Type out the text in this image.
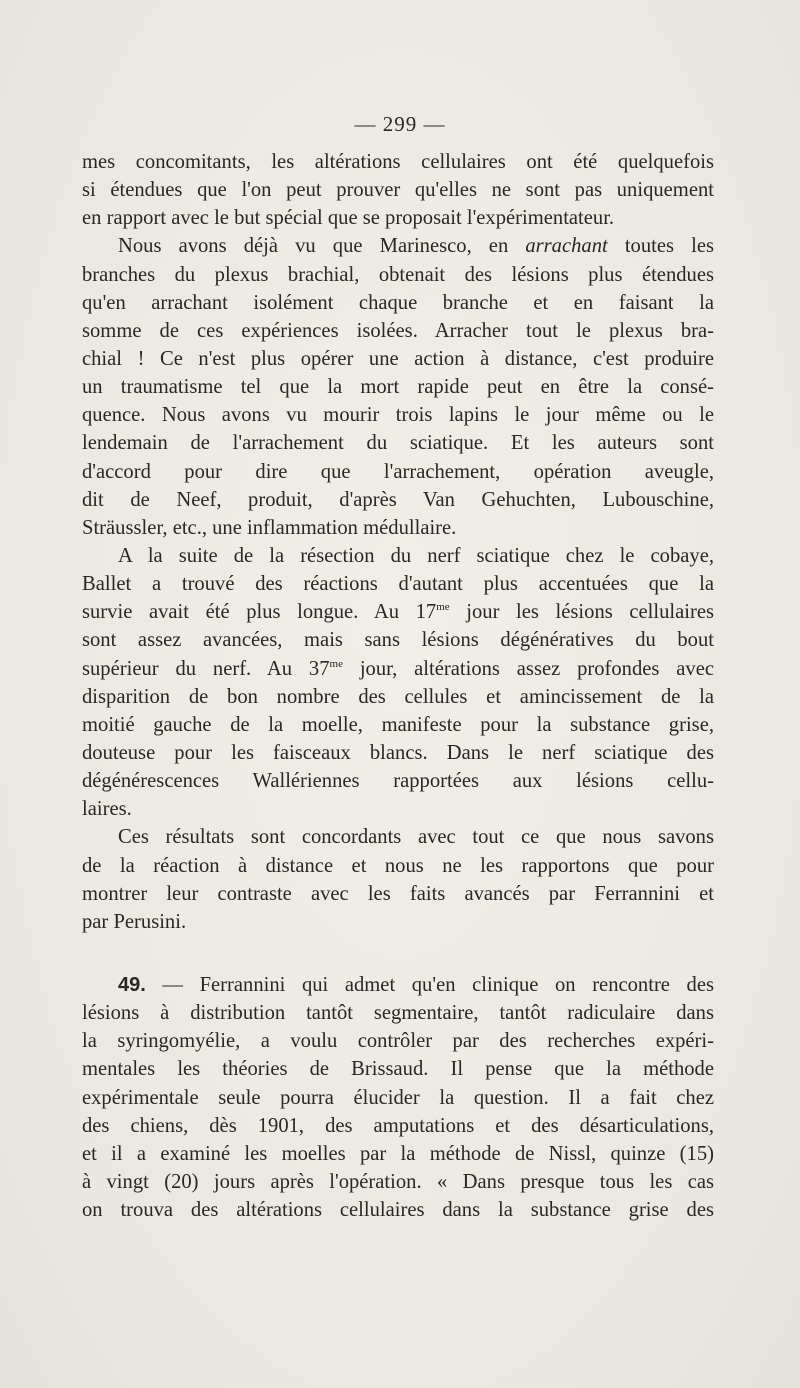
— 299 —
mes concomitants, les altérations cellulaires ont été quelquefois
si étendues que l'on peut prouver qu'elles ne sont pas uniquement
en rapport avec le but spécial que se proposait l'expérimentateur.
Nous avons déjà vu que Marinesco, en arrachant toutes les
branches du plexus brachial, obtenait des lésions plus étendues
qu'en arrachant isolément chaque branche et en faisant la
somme de ces expériences isolées. Arracher tout le plexus bra-
chial ! Ce n'est plus opérer une action à distance, c'est produire
un traumatisme tel que la mort rapide peut en être la consé-
quence. Nous avons vu mourir trois lapins le jour même ou le
lendemain de l'arrachement du sciatique. Et les auteurs sont
d'accord pour dire que l'arrachement, opération aveugle,
dit de Neef, produit, d'après Van Gehuchten, Lubouschine,
Sträussler, etc., une inflammation médullaire.
A la suite de la résection du nerf sciatique chez le cobaye,
Ballet a trouvé des réactions d'autant plus accentuées que la
survie avait été plus longue. Au $17^{me}$ jour les lésions cellulaires
sont assez avancées, mais sans lésions dégénératives du bout
supérieur du nerf. Au $37^{me}$ jour, altérations assez profondes avec
disparition de bon nombre des cellules et amincissement de la
moitié gauche de la moelle, manifeste pour la substance grise,
douteuse pour les faisceaux blancs. Dans le nerf sciatique des
dégénérescences Wallériennes rapportées aux lésions cellu-
laires.
Ces résultats sont concordants avec tout ce que nous savons
de la réaction à distance et nous ne les rapportons que pour
montrer leur contraste avec les faits avancés par Ferrannini et
par Perusini.
49. — Ferrannini qui admet qu'en clinique on rencontre des
lésions à distribution tantôt segmentaire, tantôt radiculaire dans
la syringomyélie, a voulu contrôler par des recherches expéri-
mentales les théories de Brissaud. Il pense que la méthode
expérimentale seule pourra élucider la question. Il a fait chez
des chiens, dès 1901, des amputations et des désarticulations,
et il a examiné les moelles par la méthode de Nissl, quinze (15)
à vingt (20) jours après l'opération. « Dans presque tous les cas
on trouva des altérations cellulaires dans la substance grise des
